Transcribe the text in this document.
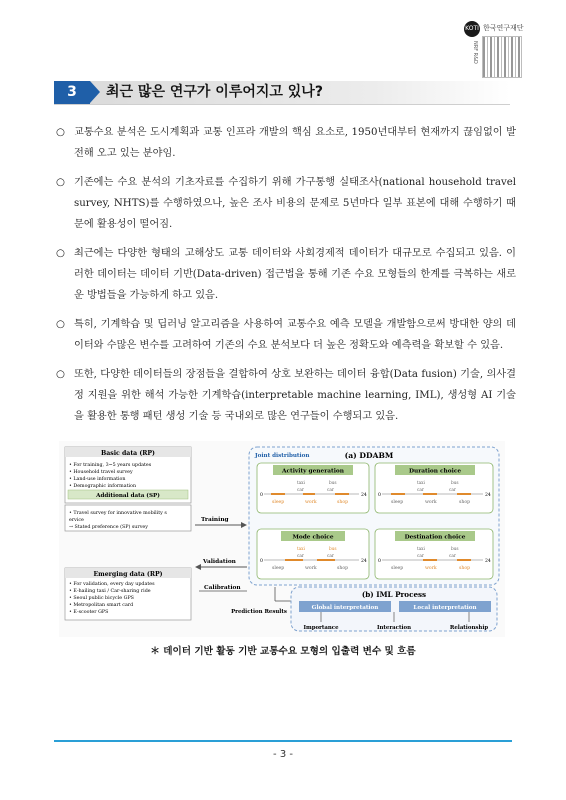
KOTI 한국연구재단
NRF R&D
3	최근 많은 연구가 이루어지고 있나?
○ 교통수요 분석은 도시계획과 교통 인프라 개발의 핵심 요소로, 1950년대부터 현재까지 끊임없이 발전해 오고 있는 분야임.
○ 기존에는 수요 분석의 기초자료를 수집하기 위해 가구통행 실태조사(national household travel survey, NHTS)를 수행하였으나, 높은 조사 비용의 문제로 5년마다 일부 표본에 대해 수행하기 때문에 활용성이 떨어짐.
○ 최근에는 다양한 형태의 고해상도 교통 데이터와 사회경제적 데이터가 대규모로 수집되고 있음. 이러한 데이터는 데이터 기반(Data-driven) 접근법을 통해 기존 수요 모형들의 한계를 극복하는 새로운 방법들을 가능하게 하고 있음.
○ 특히, 기계학습 및 딥러닝 알고리즘을 사용하여 교통수요 예측 모델을 개발함으로써 방대한 양의 데이터와 수많은 변수를 고려하여 기존의 수요 분석보다 더 높은 정확도와 예측력을 확보할 수 있음.
○ 또한, 다양한 데이터들의 장점들을 결합하여 상호 보완하는 데이터 융합(Data fusion) 기술, 의사결정 지원을 위한 해석 가능한 기계학습(interpretable machine learning, IML), 생성형 AI 기술을 활용한 통행 패턴 생성 기술 등 국내외로 많은 연구들이 수행되고 있음.
Basic data (RP)
• For training, 3~5 years updates
• Household travel survey
• Land-use information
• Demographic information
Additional data (SP)
• Travel survey for innovative mobility s
ervice
→ Stated preference (SP) survey
Emerging data (RP)
• For validation, every day updates
• E-hailing taxi / Car-sharing ride
• Seoul public bicycle GPS
• Metropolitan smart card
• E-scooter GPS
Training
Validation
Calibration
Prediction Results
Joint distribution	(a) DDABM
Activity generation	Duration choice
Mode choice	Destination choice
0	24
taxi	bus
car	car
sleep	work	shop
0	24
taxi	bus
car	car
sleep	work	shop
0	24
taxi	bus
car	car
sleep	work	shop
0	24
taxi	bus
car	car
sleep	work	shop
(b) IML Process
Global interpretation	Local interpretation
Importance	Interaction	Relationship
＊ 데이터 기반 활동 기반 교통수요 모형의 입출력 변수 및 흐름
- 3 -
